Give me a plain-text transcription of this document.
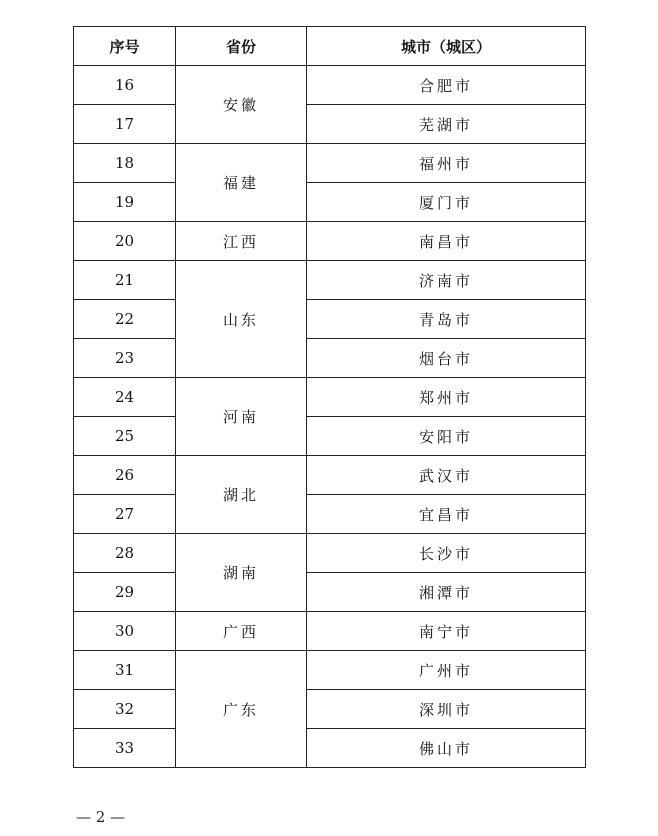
序号	省份	城市（城区）
16	安徽	合肥市
17		芜湖市
18	福建	福州市
19		厦门市
20	江西	南昌市
21	山东	济南市
22		青岛市
23		烟台市
24	河南	郑州市
25		安阳市
26	湖北	武汉市
27		宜昌市
28	湖南	长沙市
29		湘潭市
30	广西	南宁市
31	广东	广州市
32		深圳市
33		佛山市
— 2 —
